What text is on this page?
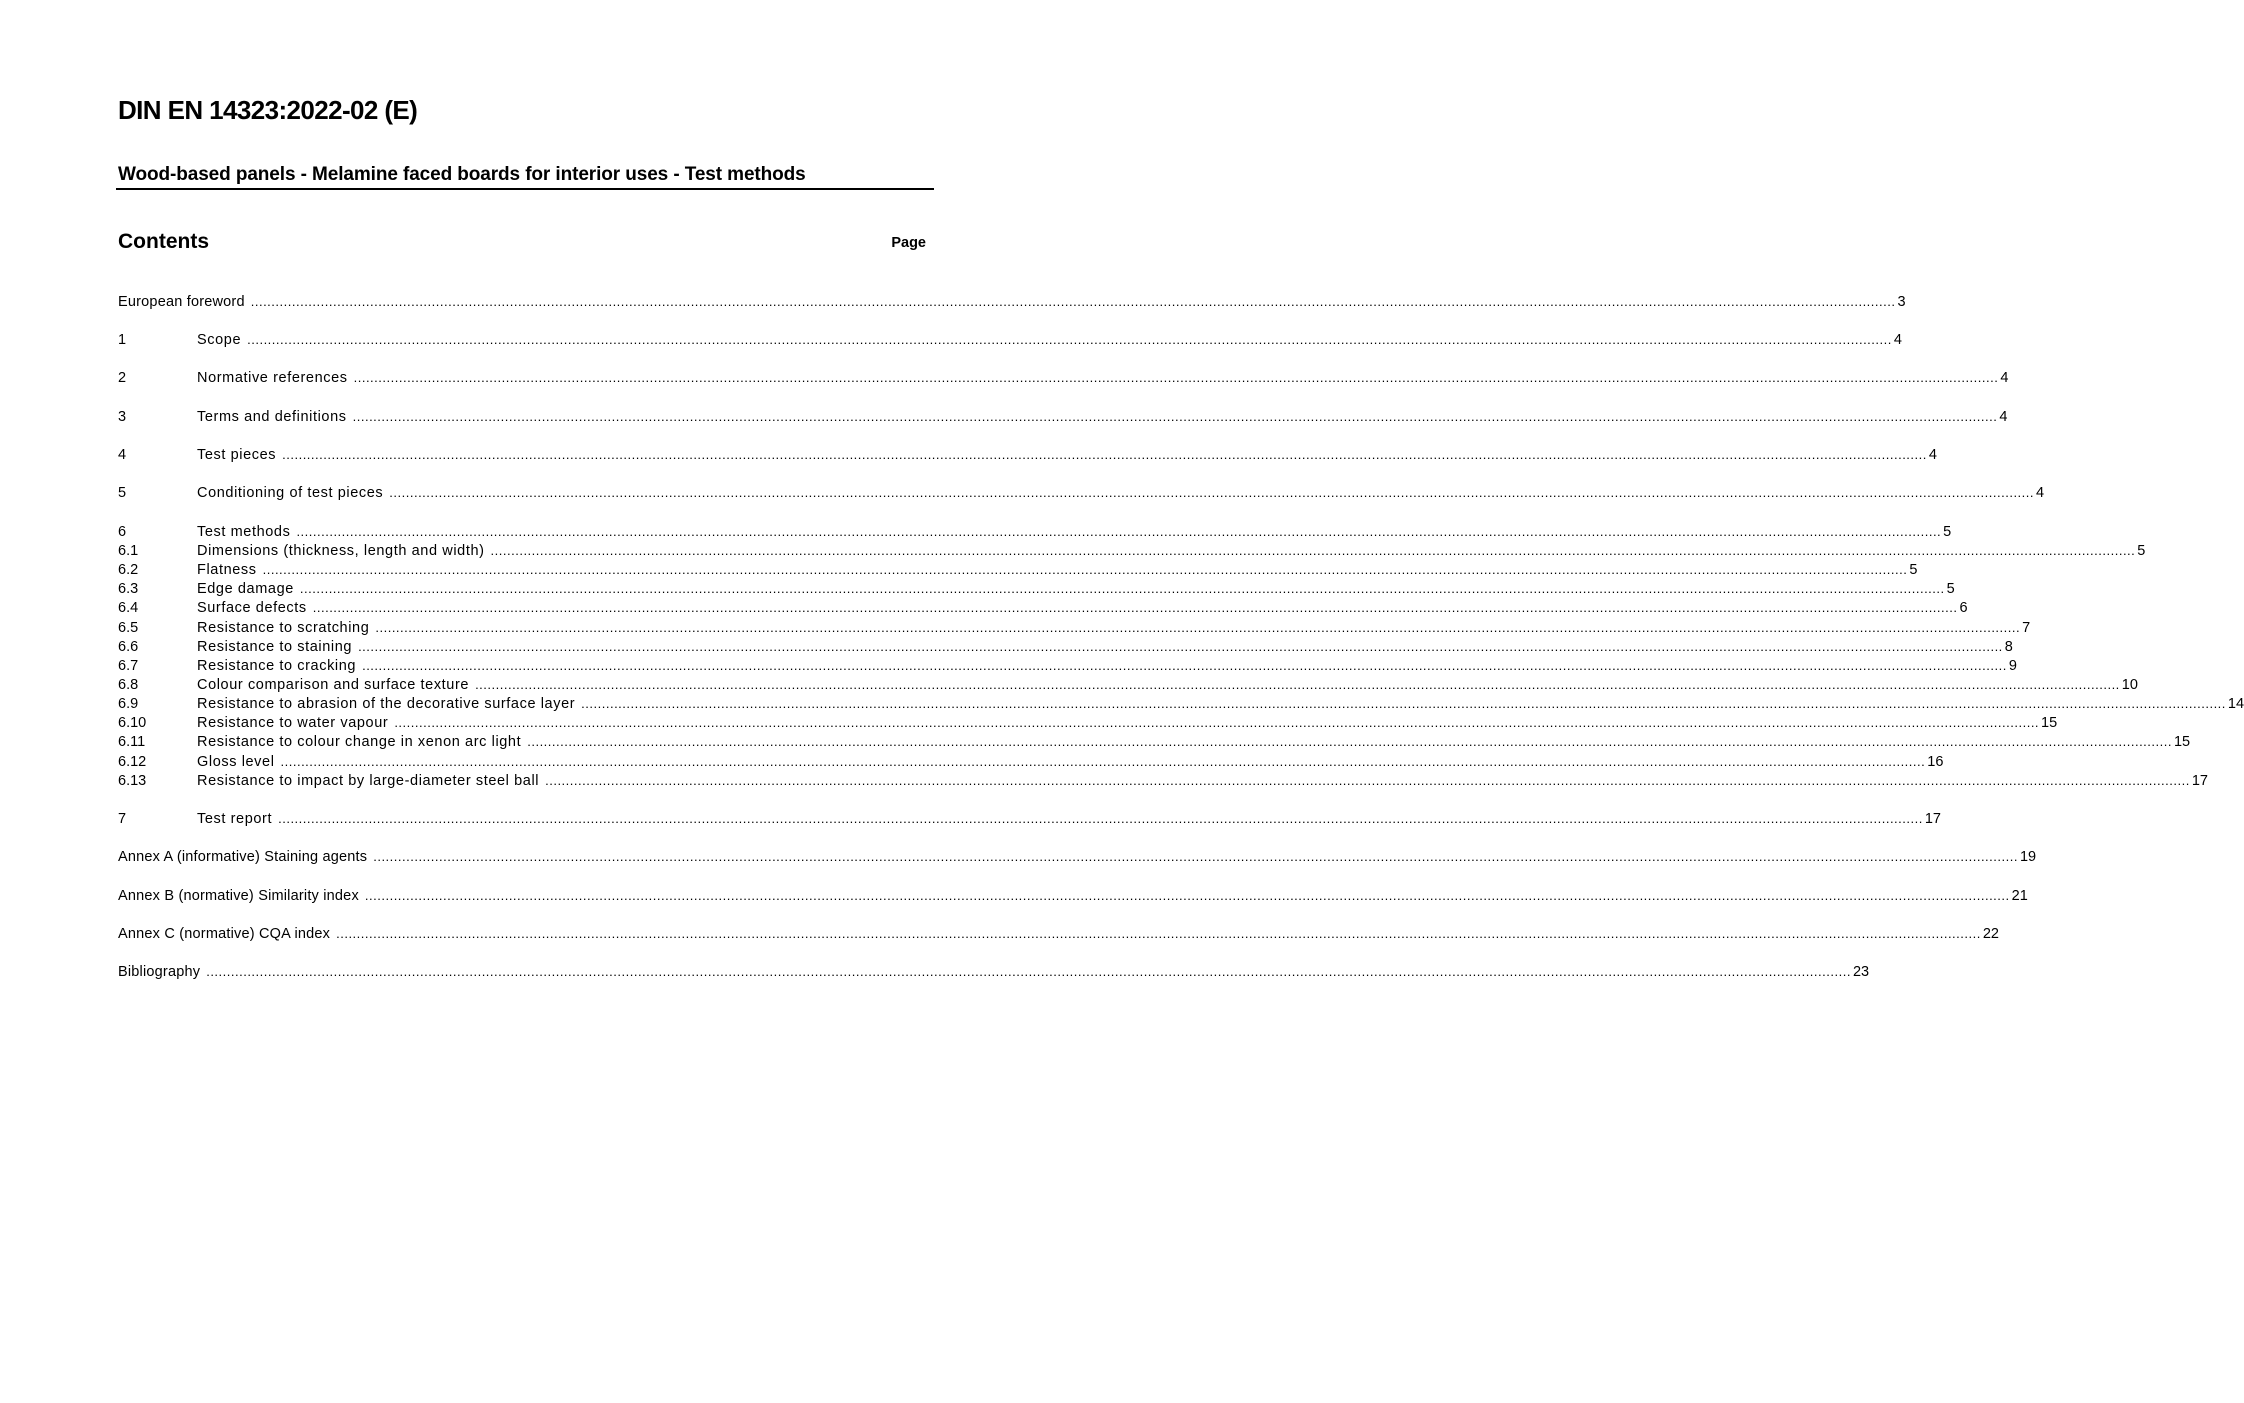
DIN EN 14323:2022-02 (E)
Wood-based panels - Melamine faced boards for interior uses - Test methods
Contents	Page
European foreword ................................................................................................................................................................................................................................................................................................................................................................................................................ 3
1	Scope ................................................................................................................................................................................................................................................................................................................................................................................................................ 4
2	Normative references ................................................................................................................................................................................................................................................................................................................................................................................................................ 4
3	Terms and definitions ................................................................................................................................................................................................................................................................................................................................................................................................................ 4
4	Test pieces ................................................................................................................................................................................................................................................................................................................................................................................................................ 4
5	Conditioning of test pieces ................................................................................................................................................................................................................................................................................................................................................................................................................ 4
6	Test methods ................................................................................................................................................................................................................................................................................................................................................................................................................ 5
6.1	Dimensions (thickness, length and width) ................................................................................................................................................................................................................................................................................................................................................................................................................ 5
6.2	Flatness ................................................................................................................................................................................................................................................................................................................................................................................................................ 5
6.3	Edge damage ................................................................................................................................................................................................................................................................................................................................................................................................................ 5
6.4	Surface defects ................................................................................................................................................................................................................................................................................................................................................................................................................ 6
6.5	Resistance to scratching ................................................................................................................................................................................................................................................................................................................................................................................................................ 7
6.6	Resistance to staining ................................................................................................................................................................................................................................................................................................................................................................................................................ 8
6.7	Resistance to cracking ................................................................................................................................................................................................................................................................................................................................................................................................................ 9
6.8	Colour comparison and surface texture ................................................................................................................................................................................................................................................................................................................................................................................................................ 10
6.9	Resistance to abrasion of the decorative surface layer ................................................................................................................................................................................................................................................................................................................................................................................................................ 14
6.10	Resistance to water vapour ................................................................................................................................................................................................................................................................................................................................................................................................................ 15
6.11	Resistance to colour change in xenon arc light ................................................................................................................................................................................................................................................................................................................................................................................................................ 15
6.12	Gloss level ................................................................................................................................................................................................................................................................................................................................................................................................................ 16
6.13	Resistance to impact by large-diameter steel ball ................................................................................................................................................................................................................................................................................................................................................................................................................ 17
7	Test report ................................................................................................................................................................................................................................................................................................................................................................................................................ 17
Annex A (informative) Staining agents ................................................................................................................................................................................................................................................................................................................................................................................................................ 19
Annex B (normative) Similarity index ................................................................................................................................................................................................................................................................................................................................................................................................................ 21
Annex C (normative) CQA index ................................................................................................................................................................................................................................................................................................................................................................................................................ 22
Bibliography ................................................................................................................................................................................................................................................................................................................................................................................................................ 23
